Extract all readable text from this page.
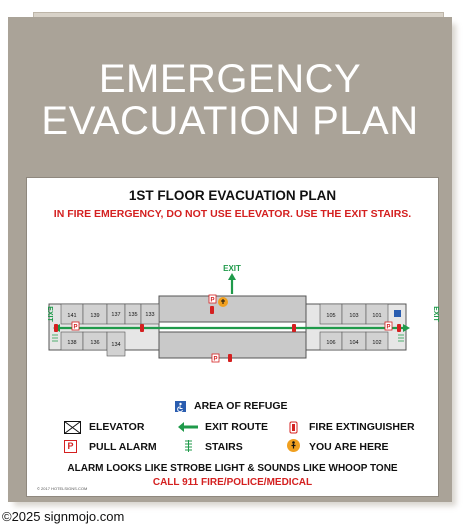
EMERGENCY
EVACUATION PLAN
1ST FLOOR EVACUATION PLAN
IN FIRE EMERGENCY, DO NOT USE ELEVATOR. USE THE EXIT STAIRS.
EXIT
141	139 137 135 133
138	136 134
105	103	101
106	104	102
EXIT	EXIT
P
P
P
P
AREA OF REFUGE
ELEVATOR	EXIT ROUTE	FIRE EXTINGUISHER
P	PULL ALARM	STAIRS	YOU ARE HERE
ALARM LOOKS LIKE STROBE LIGHT & SOUNDS LIKE WHOOP TONE
CALL 911 FIRE/POLICE/MEDICAL
© 2017 HOTELSIGNS.COM
©2025 signmojo.com
